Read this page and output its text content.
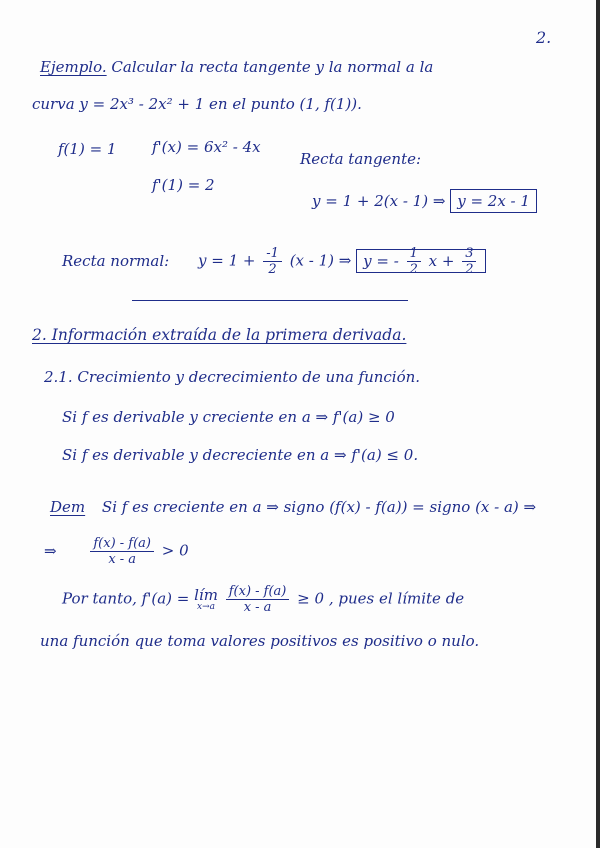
2.
Ejemplo. Calcular la recta tangente y la normal a la
curva y = 2x³ - 2x² + 1 en el punto (1, f(1)).
f(1) = 1 f'(x) = 6x² - 4x
f'(1) = 2
Recta tangente:
y = 1 + 2(x - 1) ⇒ y = 2x - 1
Recta normal: $y = 1 + \frac{-1}{2} (x - 1)$ ⇒ y = - $\frac{1}{2}$ $x + \frac{3}{2}$
2. Información extraída de la primera derivada.
2.1. Crecimiento y decrecimiento de una función.
Si f es derivable y creciente en a ⇒ f'(a) ≥ 0
Si f es derivable y decreciente en a ⇒ f'(a) ≤ 0.
Dem Si f es creciente en a ⇒ signo (f(x) - f(a)) = signo (x - a) ⇒
⇒	$\frac{f(x) - f(a)}{x - a} > 0$
Por tanto, f'(a) = lím
x→a
$\frac{f(x) - f(a)}{x - a} \ge 0$ , pues el límite de
una función que toma valores positivos es positivo o nulo.
